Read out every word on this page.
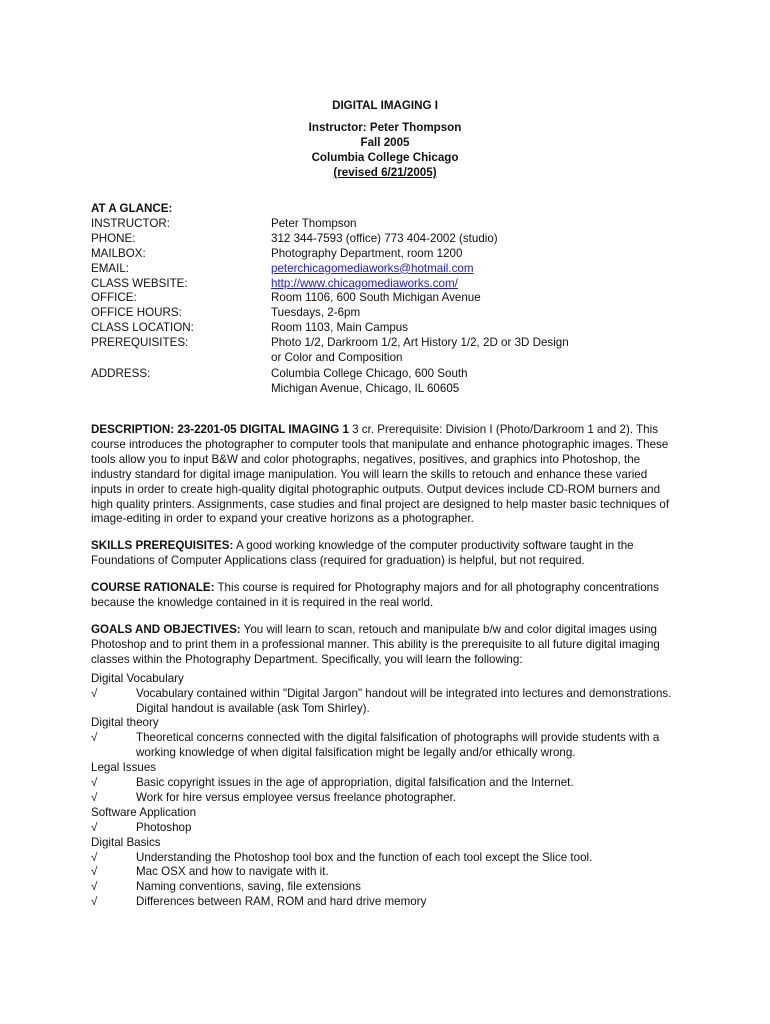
DIGITAL IMAGING I
Instructor: Peter Thompson
Fall 2005
Columbia College Chicago
(revised 6/21/2005)
AT A GLANCE:
INSTRUCTOR:	Peter Thompson
PHONE:	312 344-7593 (office) 773 404-2002 (studio)
MAILBOX:	Photography Department, room 1200
EMAIL:	peterchicagomediaworks@hotmail.com
CLASS WEBSITE:	http://www.chicagomediaworks.com/
OFFICE:	Room 1106, 600 South Michigan Avenue
OFFICE HOURS:	Tuesdays, 2-6pm
CLASS LOCATION:	Room 1103, Main Campus
PREREQUISITES:	Photo 1/2, Darkroom 1/2, Art History 1/2, 2D or 3D Design
or Color and Composition
ADDRESS:	Columbia College Chicago, 600 South
Michigan Avenue, Chicago, IL 60605

DESCRIPTION: 23-2201-05 DIGITAL IMAGING 1 3 cr. Prerequisite: Division I (Photo/Darkroom 1 and 2). This course introduces the photographer to computer tools that manipulate and enhance photographic images. These tools allow you to input B&W and color photographs, negatives, positives, and graphics into Photoshop, the industry standard for digital image manipulation. You will learn the skills to retouch and enhance these varied inputs in order to create high-quality digital photographic outputs. Output devices include CD-ROM burners and high quality printers. Assignments, case studies and final project are designed to help master basic techniques of image-editing in order to expand your creative horizons as a photographer.

SKILLS PREREQUISITES: A good working knowledge of the computer productivity software taught in the Foundations of Computer Applications class (required for graduation) is helpful, but not required.

COURSE RATIONALE: This course is required for Photography majors and for all photography concentrations because the knowledge contained in it is required in the real world.

GOALS AND OBJECTIVES: You will learn to scan, retouch and manipulate b/w and color digital images using Photoshop and to print them in a professional manner. This ability is the prerequisite to all future digital imaging classes within the Photography Department. Specifically, you will learn the following:

Digital Vocabulary
√	Vocabulary contained within "Digital Jargon" handout will be integrated into lectures and demonstrations. Digital handout is available (ask Tom Shirley).
Digital theory
√	Theoretical concerns connected with the digital falsification of photographs will provide students with a working knowledge of when digital falsification might be legally and/or ethically wrong.
Legal Issues
√	Basic copyright issues in the age of appropriation, digital falsification and the Internet.
√	Work for hire versus employee versus freelance photographer.
Software Application
√	Photoshop
Digital Basics
√	Understanding the Photoshop tool box and the function of each tool except the Slice tool.
√	Mac OSX and how to navigate with it.
√	Naming conventions, saving, file extensions
√	Differences between RAM, ROM and hard drive memory
